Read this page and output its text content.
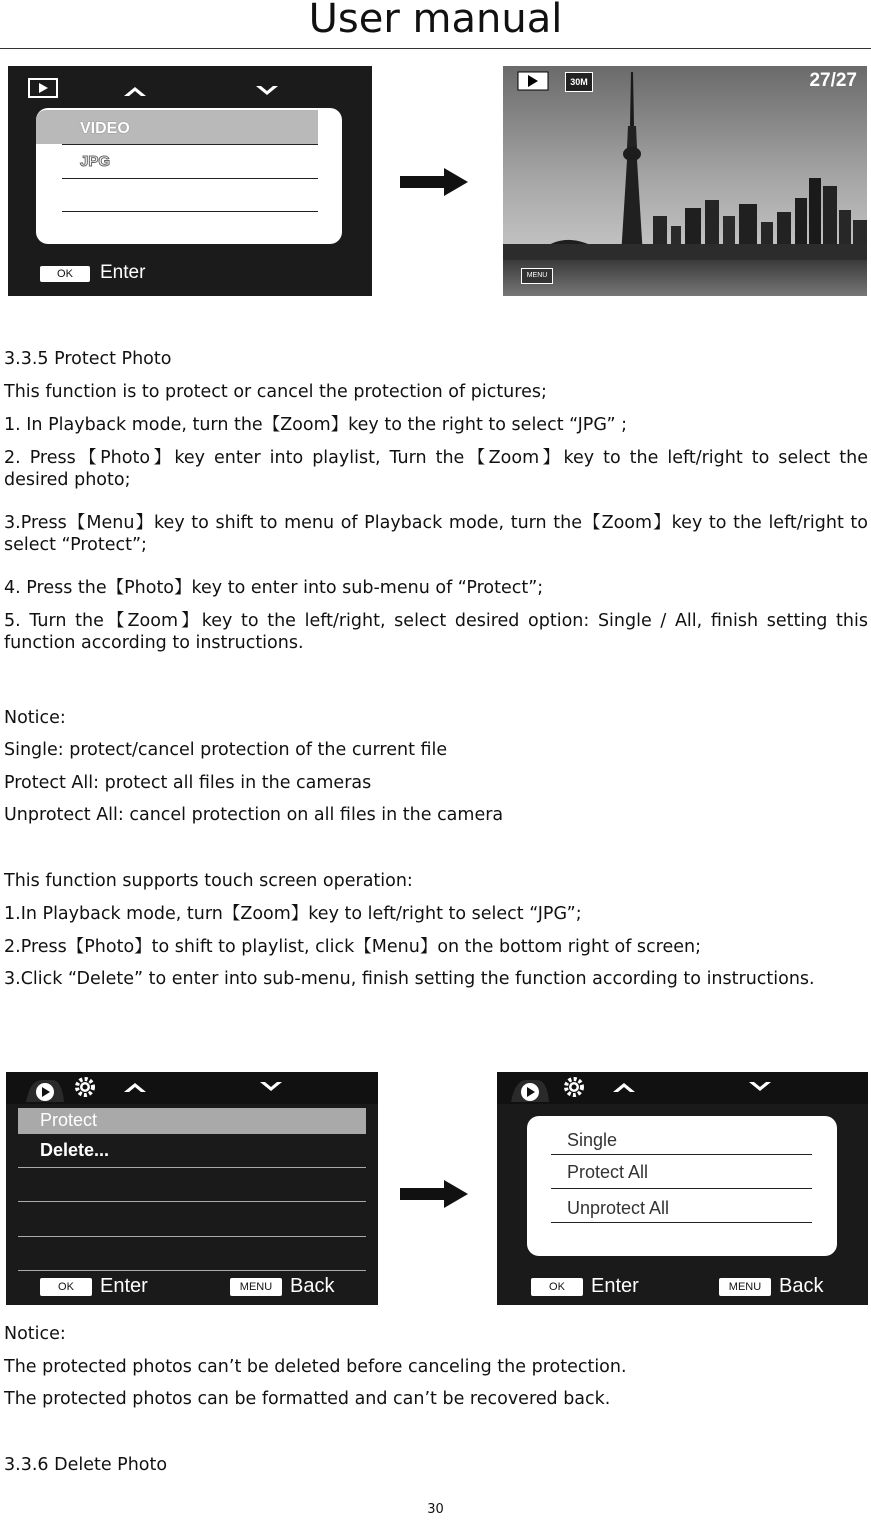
User manual
VIDEO
JPG
OK	Enter
30M	27/27
MENU
3.3.5 Protect Photo
This function is to protect or cancel the protection of pictures;
1. In Playback mode, turn the【Zoom】key to the right to select “JPG” ;
2. Press【Photo】key enter into playlist, Turn the【Zoom】key to the left/right to select the desired photo;
3.Press【Menu】key to shift to menu of Playback mode, turn the【Zoom】key to the left/right to select “Protect”;
4. Press the【Photo】key to enter into sub-menu of “Protect”;
5. Turn the【Zoom】key to the left/right, select desired option: Single / All, finish setting this function according to instructions.
Notice:
Single: protect/cancel protection of the current file
Protect All: protect all files in the cameras
Unprotect All: cancel protection on all files in the camera
This function supports touch screen operation:
1.In Playback mode, turn【Zoom】key to left/right to select “JPG”;
2.Press【Photo】to shift to playlist, click【Menu】on the bottom right of screen;
3.Click “Delete” to enter into sub-menu, finish setting the function according to instructions.
Protect
Delete...
OK	Enter	MENU Back
Single
Protect All
Unprotect All
OK	Enter	MENU Back
Notice:
The protected photos can’t be deleted before canceling the protection.
The protected photos can be formatted and can’t be recovered back.
3.3.6 Delete Photo
30
